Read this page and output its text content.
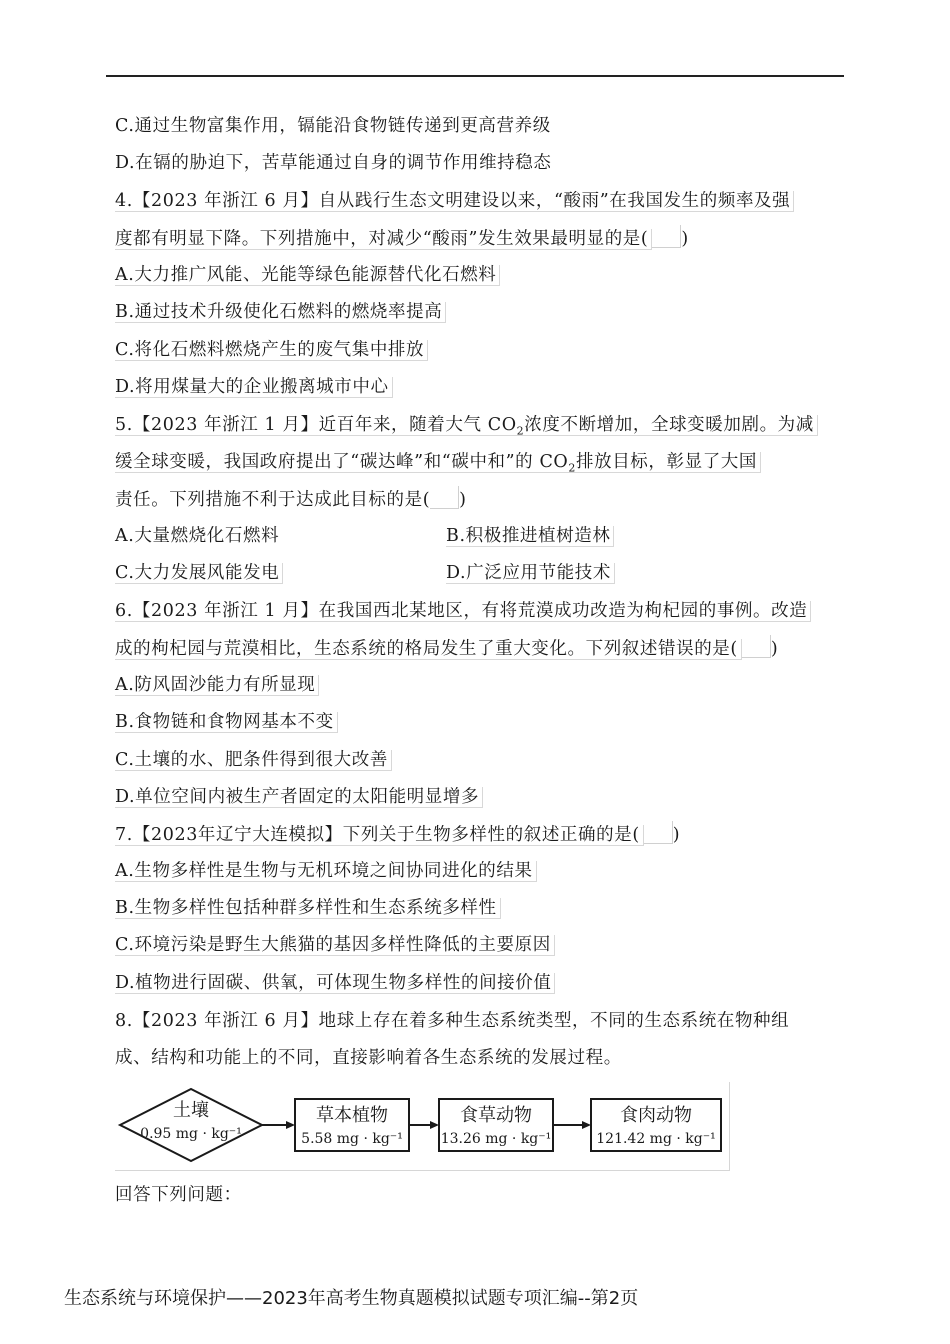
C.通过生物富集作用，镉能沿食物链传递到更高营养级
D.在镉的胁迫下，苦草能通过自身的调节作用维持稳态
4.【2023 年浙江 6 月】自从践行生态文明建设以来，“酸雨”在我国发生的频率及强
度都有明显下降。下列措施中，对减少“酸雨”发生效果最明显的是( )
A.大力推广风能、光能等绿色能源替代化石燃料
B.通过技术升级使化石燃料的燃烧率提高
C.将化石燃料燃烧产生的废气集中排放
D.将用煤量大的企业搬离城市中心
5.【2023 年浙江 1 月】近百年来，随着大气 $CO_2$浓度不断增加，全球变暖加剧。为减
缓全球变暖，我国政府提出了“碳达峰”和“碳中和”的 $CO_2$排放目标，彰显了大国
责任。下列措施不利于达成此目标的是( )
A.大量燃烧化石燃料	B.积极推进植树造林
C.大力发展风能发电	D.广泛应用节能技术
6.【2023 年浙江 1 月】在我国西北某地区，有将荒漠成功改造为枸杞园的事例。改造
成的枸杞园与荒漠相比，生态系统的格局发生了重大变化。下列叙述错误的是( )
A.防风固沙能力有所显现
B.食物链和食物网基本不变
C.土壤的水、肥条件得到很大改善
D.单位空间内被生产者固定的太阳能明显增多
7.【2023年辽宁大连模拟】下列关于生物多样性的叙述正确的是( )
A.生物多样性是生物与无机环境之间协同进化的结果
B.生物多样性包括种群多样性和生态系统多样性
C.环境污染是野生大熊猫的基因多样性降低的主要原因
D.植物进行固碳、供氧，可体现生物多样性的间接价值
8.【2023 年浙江 6 月】地球上存在着多种生态系统类型，不同的生态系统在物种组
成、结构和功能上的不同，直接影响着各生态系统的发展过程。
土壤
0.95 mg · kg⁻¹
草本植物
5.58 mg · kg⁻¹
食草动物
13.26 mg · kg⁻¹
食肉动物
121.42 mg · kg⁻¹
回答下列问题：
生态系统与环境保护——2023年高考生物真题模拟试题专项汇编--第2页
